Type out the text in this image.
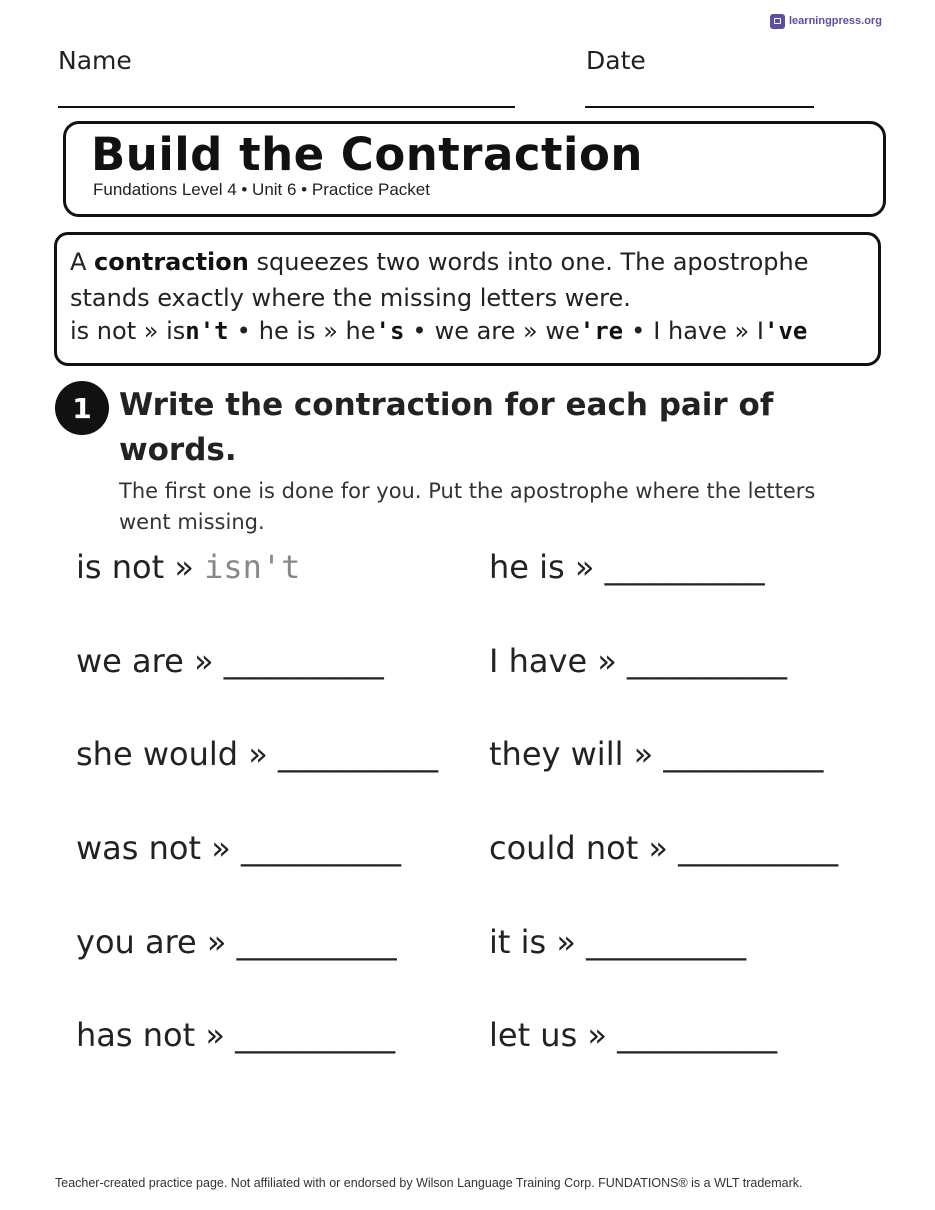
learningpress.org
Name	Date
Build the Contraction
Fundations Level 4 • Unit 6 • Practice Packet
A contraction squeezes two words into one. The apostrophe stands exactly where the missing letters were.
is not » isn't • he is » he's • we are » we're • I have » I've
1 Write the contraction for each pair of words.
The first one is done for you. Put the apostrophe where the letters went missing.
is not » isn't	he is » __________
we are » __________	I have » __________
she would » __________ they will » __________
was not » __________	could not » __________
you are » __________	it is » __________
has not » __________	let us » __________
Teacher-created practice page. Not affiliated with or endorsed by Wilson Language Training Corp. FUNDATIONS® is a WLT trademark.
